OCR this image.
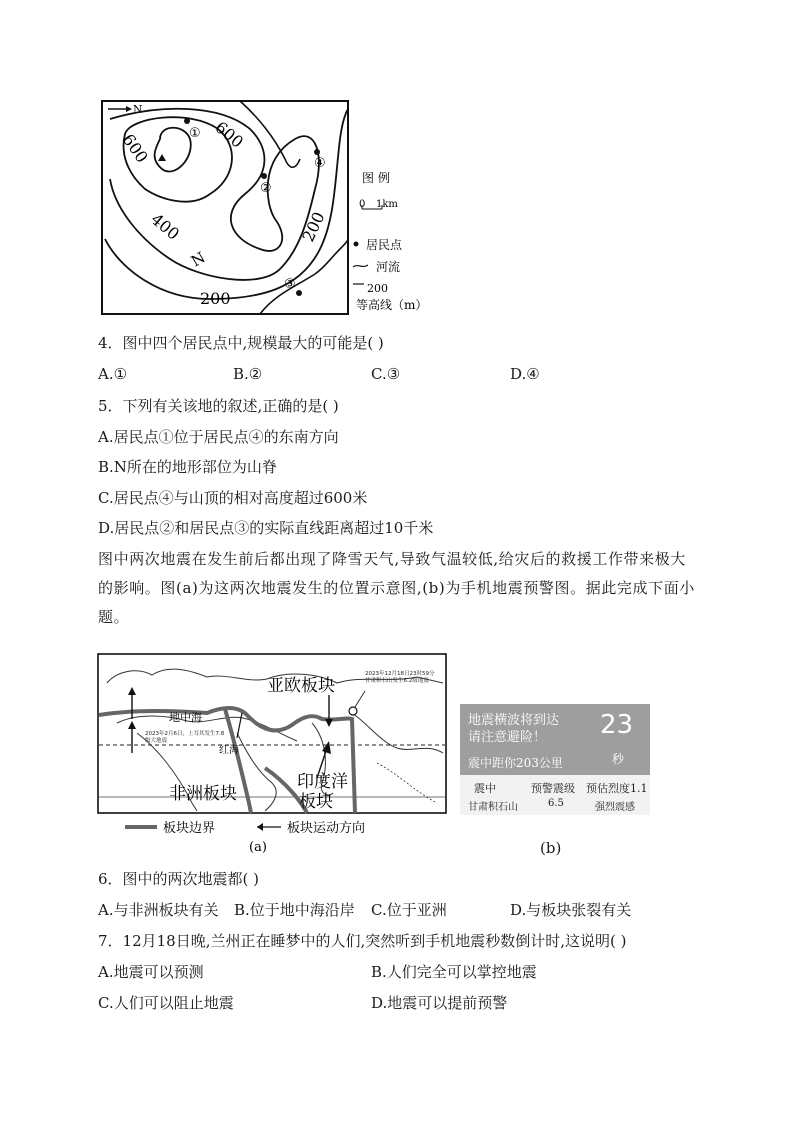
N
600
600
400
200
200
N
①
②
③
④
图 例
0 1km
居民点
河流
200
等高线（m）
4．图中四个居民点中,规模最大的可能是( )
A.①	B.②	C.③	D.④
5．下列有关该地的叙述,正确的是( )
A.居民点①位于居民点④的东南方向
B.N所在的地形部位为山脊
C.居民点④与山顶的相对高度超过600米
D.居民点②和居民点③的实际直线距离超过10千米
图中两次地震在发生前后都出现了降雪天气,导致气温较低,给灾后的救援工作带来极大
的影响。图(a)为这两次地震发生的位置示意图,(b)为手机地震预警图。据此完成下面小
题。
亚欧板块
非洲板块
印度洋
板块
地中海
红海
2023年2月6日，土耳其发生7.8级大地震
2023年12月18日23时59分甘肃积石山发生6.2级地震
板块边界	板块运动方向
(a)
地震横波将到达
请注意避险！
震中距你203公里
23
秒
震中	预警震级 预估烈度1.1
甘肃积石山	6.5	强烈震感
(b)
6．图中的两次地震都( )
A.与非洲板块有关 B.位于地中海沿岸 C.位于亚洲	D.与板块张裂有关
7．12月18日晚,兰州正在睡梦中的人们,突然听到手机地震秒数倒计时,这说明( )
A.地震可以预测	B.人们完全可以掌控地震
C.人们可以阻止地震	D.地震可以提前预警
